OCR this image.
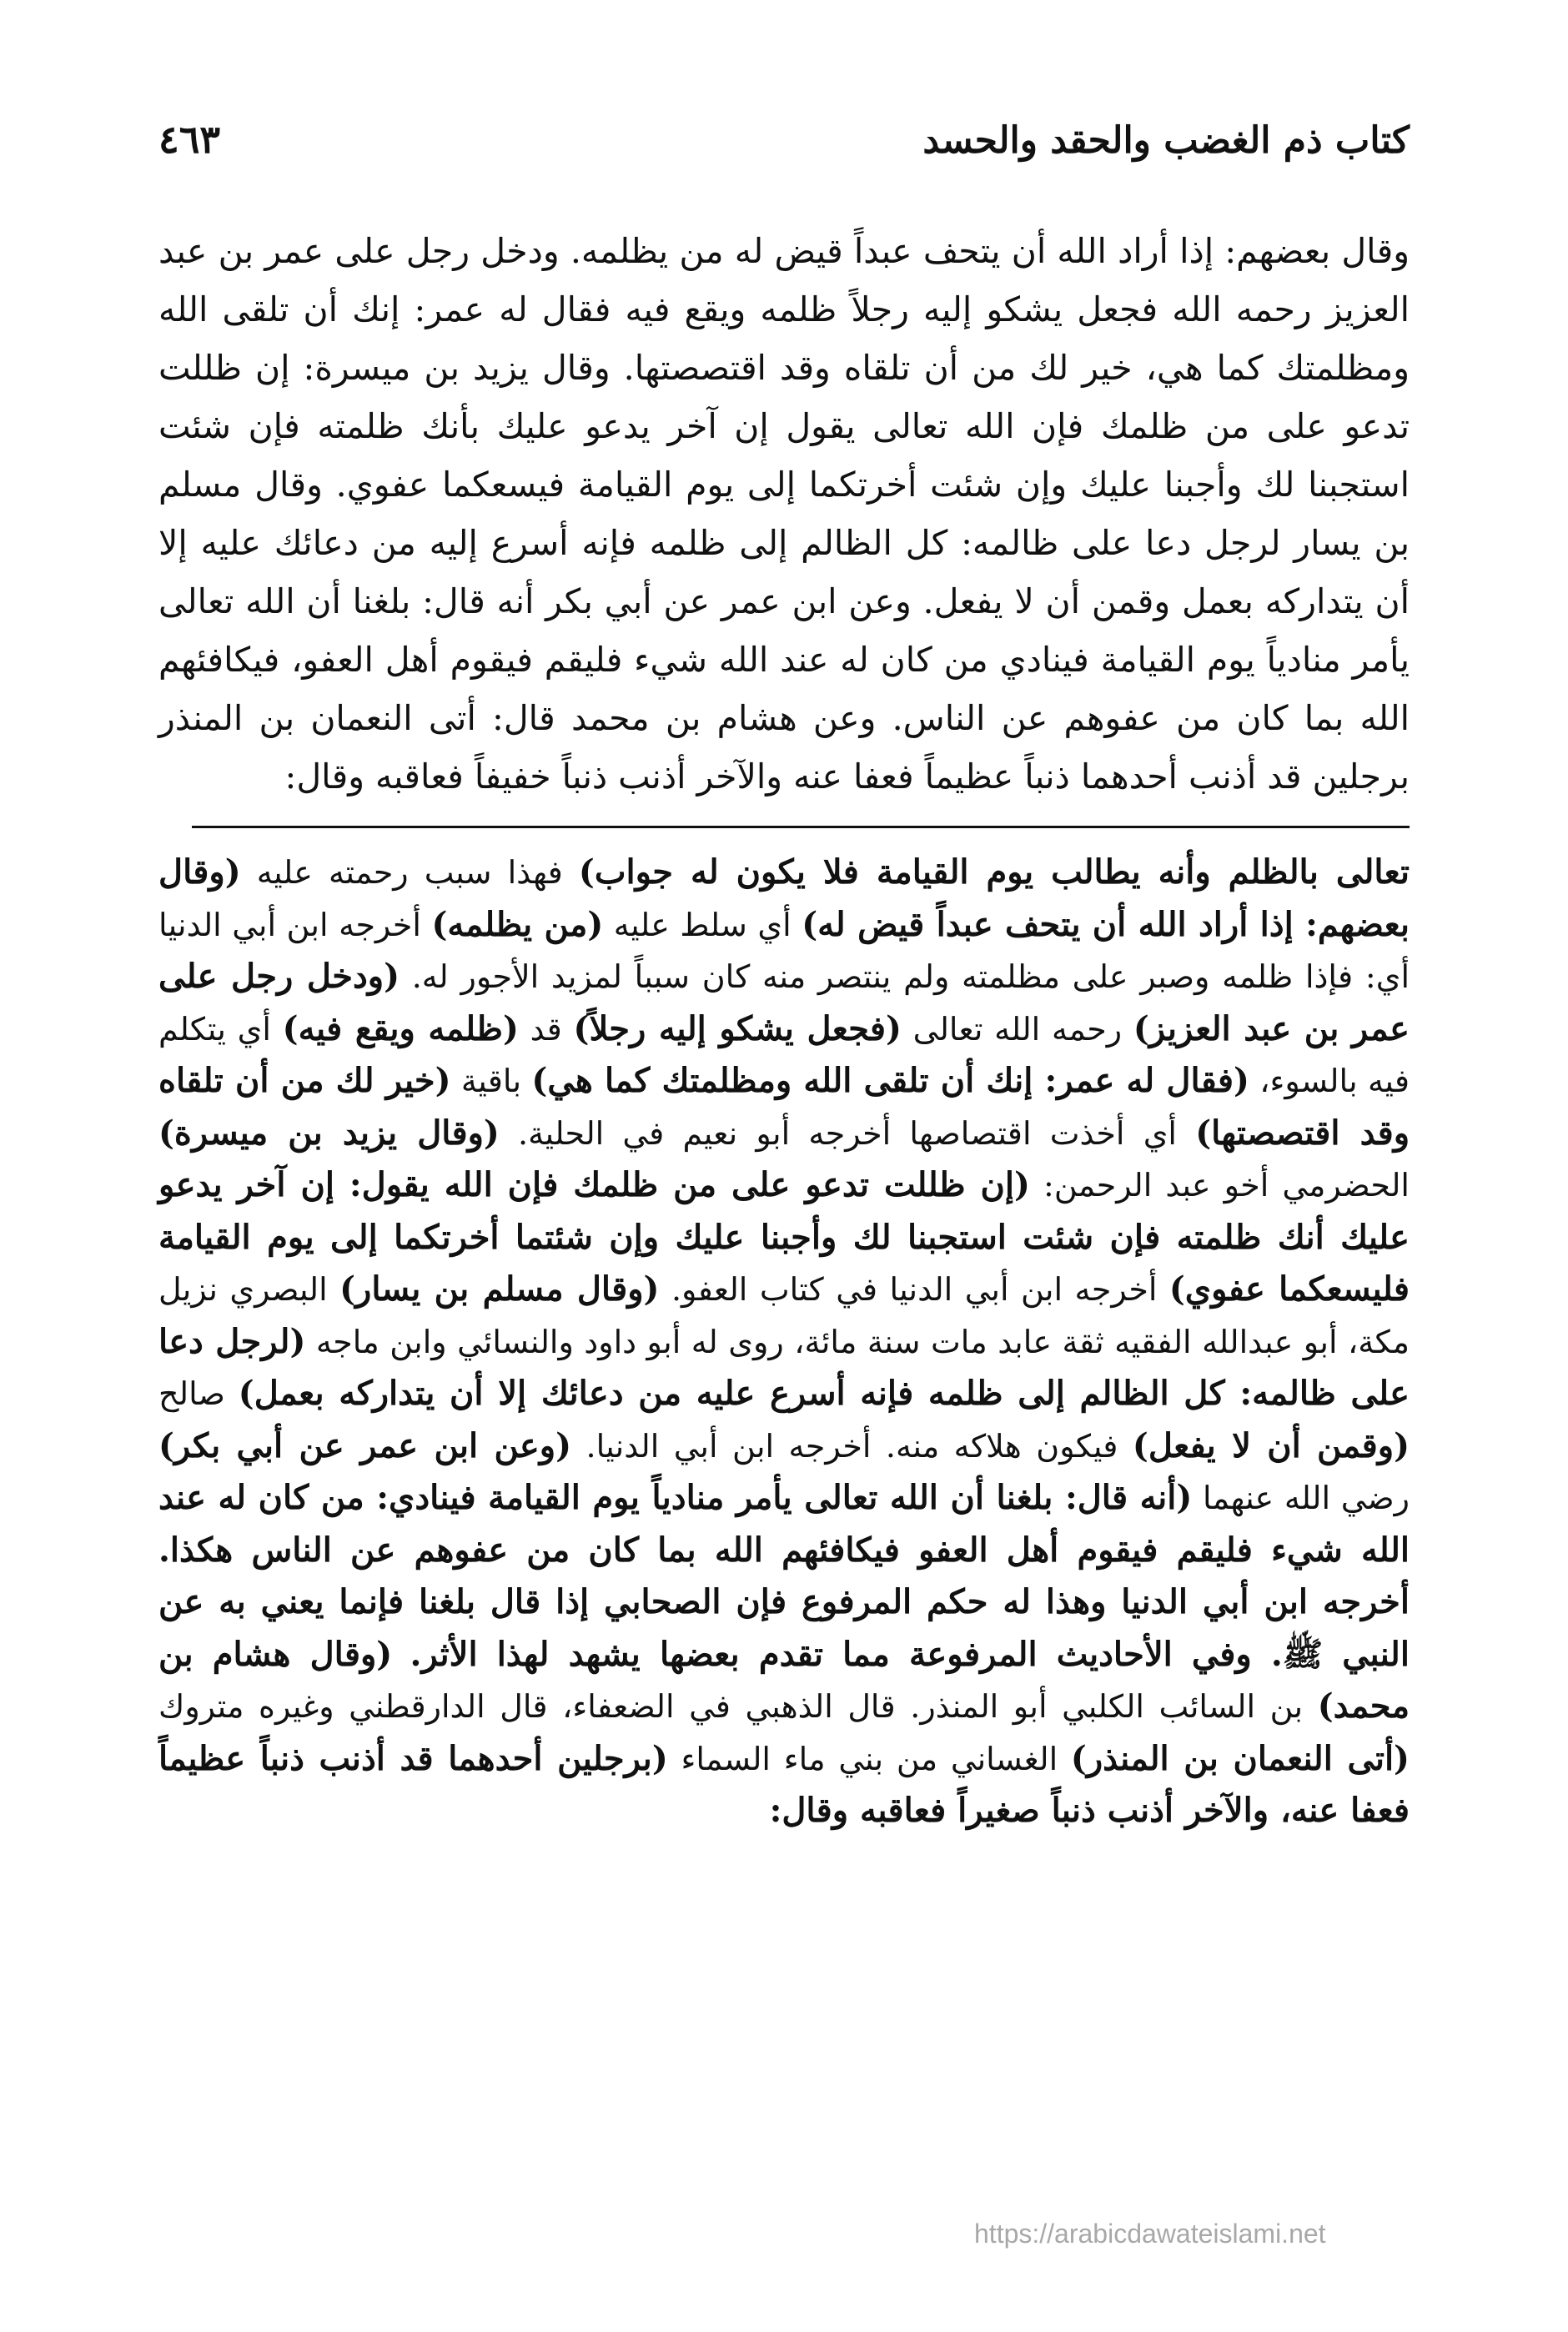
كتاب ذم الغضب والحقد والحسد
٤٦٣

وقال بعضهم: إذا أراد الله أن يتحف عبداً قيض له من يظلمه. ودخل رجل على عمر بن عبد العزيز رحمه الله فجعل يشكو إليه رجلاً ظلمه ويقع فيه فقال له عمر: إنك أن تلقى الله ومظلمتك كما هي، خير لك من أن تلقاه وقد اقتصصتها. وقال يزيد بن ميسرة: إن ظللت تدعو على من ظلمك فإن الله تعالى يقول إن آخر يدعو عليك بأنك ظلمته فإن شئت استجبنا لك وأجبنا عليك وإن شئت أخرتكما إلى يوم القيامة فيسعكما عفوي. وقال مسلم بن يسار لرجل دعا على ظالمه: كل الظالم إلى ظلمه فإنه أسرع إليه من دعائك عليه إلا أن يتداركه بعمل وقمن أن لا يفعل. وعن ابن عمر عن أبي بكر أنه قال: بلغنا أن الله تعالى يأمر منادياً يوم القيامة فينادي من كان له عند الله شيء فليقم فيقوم أهل العفو، فيكافئهم الله بما كان من عفوهم عن الناس. وعن هشام بن محمد قال: أتى النعمان بن المنذر برجلين قد أذنب أحدهما ذنباً عظيماً فعفا عنه والآخر أذنب ذنباً خفيفاً فعاقبه وقال:

تعالى بالظلم وأنه يطالب يوم القيامة فلا يكون له جواب) فهذا سبب رحمته عليه (وقال بعضهم: إذا أراد الله أن يتحف عبداً قيض له) أي سلط عليه (من يظلمه) أخرجه ابن أبي الدنيا أي: فإذا ظلمه وصبر على مظلمته ولم ينتصر منه كان سبباً لمزيد الأجور له. (ودخل رجل على عمر بن عبد العزيز) رحمه الله تعالى (فجعل يشكو إليه رجلاً) قد (ظلمه ويقع فيه) أي يتكلم فيه بالسوء، (فقال له عمر: إنك أن تلقى الله ومظلمتك كما هي) باقية (خير لك من أن تلقاه وقد اقتصصتها) أي أخذت اقتصاصها أخرجه أبو نعيم في الحلية. (وقال يزيد بن ميسرة) الحضرمي أخو عبد الرحمن: (إن ظللت تدعو على من ظلمك فإن الله يقول: إن آخر يدعو عليك أنك ظلمته فإن شئت استجبنا لك وأجبنا عليك وإن شئتما أخرتكما إلى يوم القيامة فليسعكما عفوي) أخرجه ابن أبي الدنيا في كتاب العفو. (وقال مسلم بن يسار) البصري نزيل مكة، أبو عبدالله الفقيه ثقة عابد مات سنة مائة، روى له أبو داود والنسائي وابن ماجه (لرجل دعا على ظالمه: كل الظالم إلى ظلمه فإنه أسرع عليه من دعائك إلا أن يتداركه بعمل) صالح (وقمن أن لا يفعل) فيكون هلاكه منه. أخرجه ابن أبي الدنيا. (وعن ابن عمر عن أبي بكر) رضي الله عنهما (أنه قال: بلغنا أن الله تعالى يأمر منادياً يوم القيامة فينادي: من كان له عند الله شيء فليقم فيقوم أهل العفو فيكافئهم الله بما كان من عفوهم عن الناس هكذا. أخرجه ابن أبي الدنيا وهذا له حكم المرفوع فإن الصحابي إذا قال بلغنا فإنما يعني به عن النبي ﷺ. وفي الأحاديث المرفوعة مما تقدم بعضها يشهد لهذا الأثر. (وقال هشام بن محمد) بن السائب الكلبي أبو المنذر. قال الذهبي في الضعفاء، قال الدارقطني وغيره متروك (أتى النعمان بن المنذر) الغساني من بني ماء السماء (برجلين أحدهما قد أذنب ذنباً عظيماً فعفا عنه، والآخر أذنب ذنباً صغيراً فعاقبه وقال:

https://arabicdawateislami.net
